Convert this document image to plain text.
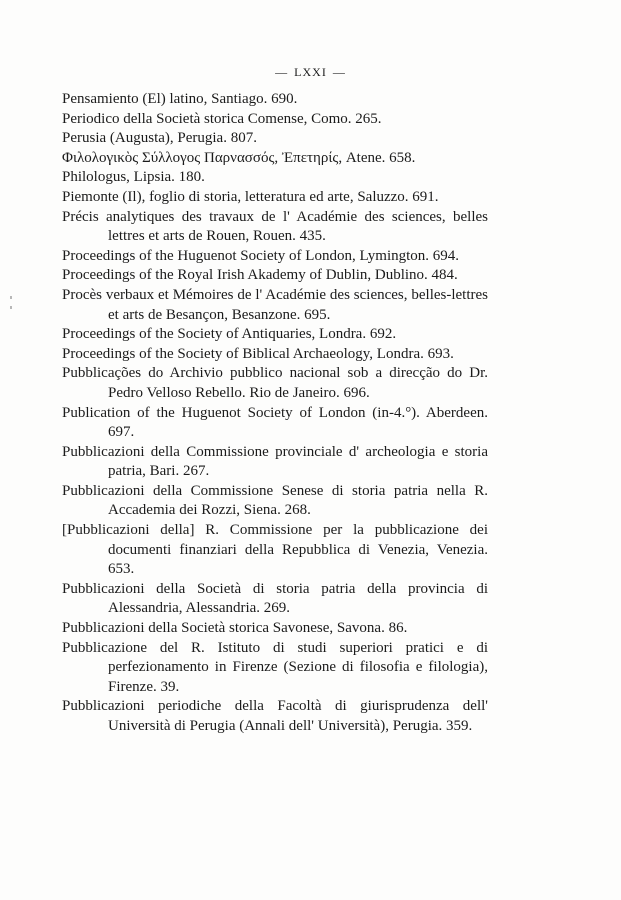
— LXXI —
Pensamiento (El) latino, Santiago. 690.
Periodico della Società storica Comense, Como. 265.
Perusia (Augusta), Perugia. 807.
Φιλολογικὸς Σύλλογος Παρνασσός, Ἐπετηρίς, Atene. 658.
Philologus, Lipsia. 180.
Piemonte (Il), foglio di storia, letteratura ed arte, Saluzzo. 691.
Précis analytiques des travaux de l' Académie des sciences, belles lettres et arts de Rouen, Rouen. 435.
Proceedings of the Huguenot Society of London, Lymington. 694.
Proceedings of the Royal Irish Akademy of Dublin, Dublino. 484.
Procès verbaux et Mémoires de l' Académie des sciences, belles-lettres et arts de Besançon, Besanzone. 695.
Proceedings of the Society of Antiquaries, Londra. 692.
Proceedings of the Society of Biblical Archaeology, Londra. 693.
Pubblicações do Archivio pubblico nacional sob a direcção do Dr. Pedro Velloso Rebello. Rio de Janeiro. 696.
Publication of the Huguenot Society of London (in-4.°). Aberdeen. 697.
Pubblicazioni della Commissione provinciale d' archeologia e storia patria, Bari. 267.
Pubblicazioni della Commissione Senese di storia patria nella R. Accademia dei Rozzi, Siena. 268.
[Pubblicazioni della] R. Commissione per la pubblicazione dei documenti finanziari della Repubblica di Venezia, Venezia. 653.
Pubblicazioni della Società di storia patria della provincia di Alessandria, Alessandria. 269.
Pubblicazioni della Società storica Savonese, Savona. 86.
Pubblicazione del R. Istituto di studi superiori pratici e di perfezionamento in Firenze (Sezione di filosofia e filologia), Firenze. 39.
Pubblicazioni periodiche della Facoltà di giurisprudenza dell' Università di Perugia (Annali dell' Università), Perugia. 359.
